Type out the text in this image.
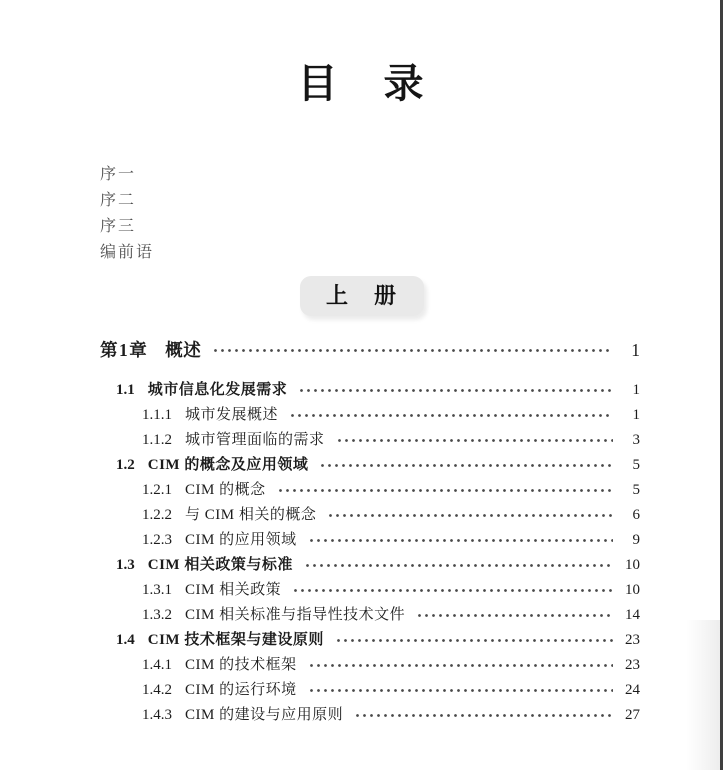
目　录
序一
序二
序三
编前语
上　册
第1章 概述	1
1.1 城市信息化发展需求	1
1.1.1 城市发展概述	1
1.1.2 城市管理面临的需求	3
1.2 CIM 的概念及应用领域	5
1.2.1 CIM 的概念	5
1.2.2 与 CIM 相关的概念	6
1.2.3 CIM 的应用领域	9
1.3 CIM 相关政策与标准	10
1.3.1 CIM 相关政策	10
1.3.2 CIM 相关标准与指导性技术文件	14
1.4 CIM 技术框架与建设原则	23
1.4.1 CIM 的技术框架	23
1.4.2 CIM 的运行环境	24
1.4.3 CIM 的建设与应用原则	27
